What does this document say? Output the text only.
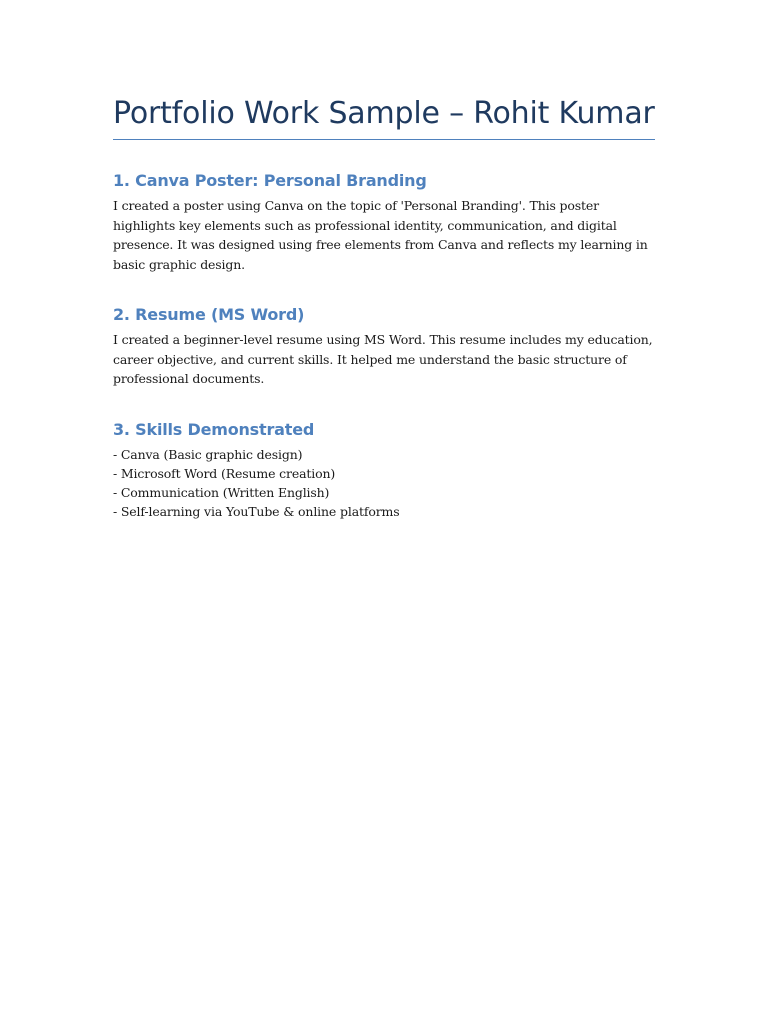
Portfolio Work Sample – Rohit Kumar
1. Canva Poster: Personal Branding

I created a poster using Canva on the topic of 'Personal Branding'. This poster highlights key elements such as professional identity, communication, and digital presence. It was designed using free elements from Canva and reflects my learning in basic graphic design.

2. Resume (MS Word)

I created a beginner-level resume using MS Word. This resume includes my education, career objective, and current skills. It helped me understand the basic structure of professional documents.

3. Skills Demonstrated
- Canva (Basic graphic design)
- Microsoft Word (Resume creation)
- Communication (Written English)
- Self-learning via YouTube & online platforms
